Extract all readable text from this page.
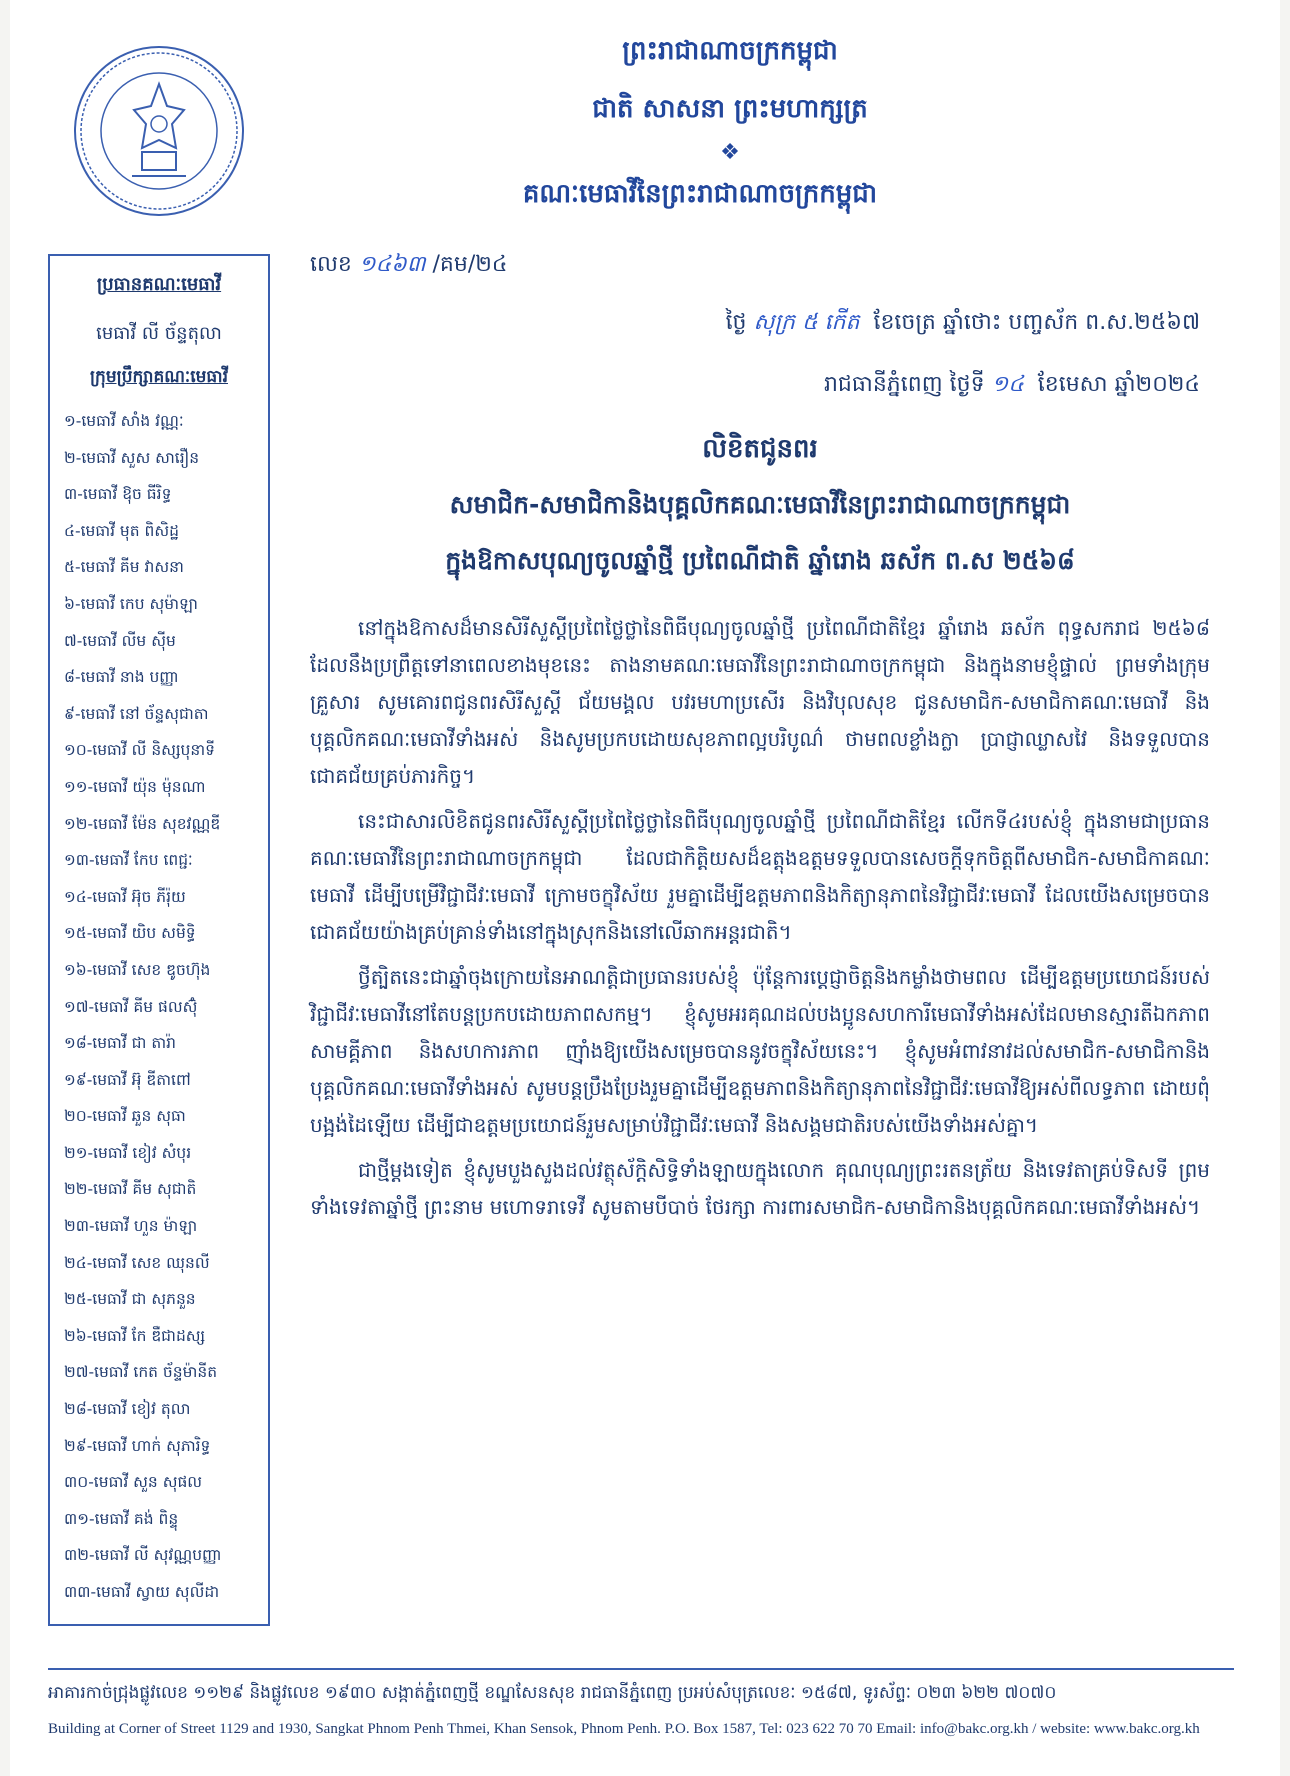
ព្រះរាជាណាចក្រកម្ពុជា
ជាតិ សាសនា ព្រះមហាក្សត្រ
❖
គណៈមេធាវីនៃព្រះរាជាណាចក្រកម្ពុជា
ប្រធានគណៈមេធាវី
មេធាវី លី ច័ន្ទតុលា
ក្រុមប្រឹក្សាគណៈមេធាវី
១-មេធាវី សាំង វណ្ណៈ
២-មេធាវី សួស សារឿន
៣-មេធាវី ឱុច ធីរិទ្ធ
៤-មេធាវី មុត ពិសិដ្ឋ
៥-មេធាវី គីម វាសនា
៦-មេធាវី កេប សុម៉ាឡា
៧-មេធាវី លីម ស៊ីម
៨-មេធាវី នាង បញ្ញា
៩-មេធាវី នៅ ច័ន្ទសុជាតា
១០-មេធាវី លី និស្សបុនាទី
១១-មេធាវី យ៉ុន ម៉ុនណា
១២-មេធាវី ម៉ែន សុខវណ្ណឌី
១៣-មេធាវី កែប ពេជ្ជៈ
១៤-មេធាវី អ៊ុច ភីរ៉ុយ
១៥-មេធាវី យិប សមិទ្ធិ
១៦-មេធាវី សេខ ឌូចហ៊ុង
១៧-មេធាវី គីម ផលស៊ុំ
១៨-មេធាវី ជា តារ៉ា
១៩-មេធាវី អ៊ុ ឌីតាពៅ
២០-មេធាវី ឆួន សុធា
២១-មេធាវី ខៀវ សំបុរ
២២-មេធាវី គីម សុជាតិ
២៣-មេធាវី ហួន ម៉ាឡា
២៤-មេធាវី សេខ ឈុនលី
២៥-មេធាវី ជា សុភនួន
២៦-មេធាវី កែ ឌឺជាដស្ស
២៧-មេធាវី កេត ច័ន្ទម៉ានីត
២៨-មេធាវី ខៀវ តុលា
២៩-មេធាវី ហាក់ សុភារិទ្ធ
៣០-មេធាវី សួន សុផល
៣១-មេធាវី គង់ ពិន្ទុ
៣២-មេធាវី លី សុវណ្ណបញ្ញា
៣៣-មេធាវី ស្វាយ សុលីដា
លេខ ១៤៦៣ /គម/២៤
ថ្ងៃ សុក្រ ៥ កើត ខែចេត្រ ឆ្នាំថោះ បញ្ចស័ក ព.ស.២៥៦៧
រាជធានីភ្នំពេញ ថ្ងៃទី ១៤ ខែមេសា ឆ្នាំ២០២៤
លិខិតជូនពរ
សមាជិក-សមាជិកានិងបុគ្គលិកគណៈមេធាវីនៃព្រះរាជាណាចក្រកម្ពុជា
ក្នុងឱកាសបុណ្យចូលឆ្នាំថ្មី ប្រពៃណីជាតិ ឆ្នាំរោង ឆស័ក ព.ស ២៥៦៨

នៅក្នុងឱកាសដ៏មានសិរីសួស្តីប្រពៃថ្លៃថ្លានៃពិធីបុណ្យចូលឆ្នាំថ្មី ប្រពៃណីជាតិខ្មែរ ឆ្នាំរោង ឆស័ក ពុទ្ធសករាជ ២៥៦៨ ដែលនឹងប្រព្រឹត្តទៅនាពេលខាងមុខនេះ តាងនាមគណៈមេធាវីនៃព្រះរាជាណាចក្រកម្ពុជា និងក្នុងនាមខ្ញុំផ្ទាល់ ព្រមទាំងក្រុមគ្រួសារ សូមគោរពជូនពរសិរីសួស្តី ជ័យមង្គល បវរមហាប្រសើរ និងវិបុលសុខ ជូនសមាជិក-សមាជិកាគណៈមេធាវី និងបុគ្គលិកគណៈមេធាវីទាំងអស់ និងសូមប្រកបដោយសុខភាពល្អបរិបូណ៌ ថាមពលខ្លាំងក្លា ប្រាជ្ញាឈ្លាសវៃ និងទទួលបានជោគជ័យគ្រប់ភារកិច្ច។

នេះជាសារលិខិតជូនពរសិរីសួស្តីប្រពៃថ្លៃថ្លានៃពិធីបុណ្យចូលឆ្នាំថ្មី ប្រពៃណីជាតិខ្មែរ លើកទី៤របស់ខ្ញុំ ក្នុងនាមជាប្រធានគណៈមេធាវីនៃព្រះរាជាណាចក្រកម្ពុជា ដែលជាកិត្តិយសដ៏ឧត្តុងឧត្តមទទួលបានសេចក្តីទុកចិត្តពីសមាជិក-សមាជិកាគណៈមេធាវី ដើម្បីបម្រើវិជ្ជាជីវៈមេធាវី ក្រោមចក្ខុវិស័យ រួមគ្នាដើម្បីឧត្តមភាពនិងកិត្យានុភាពនៃវិជ្ជាជីវៈមេធាវី ដែលយើងសម្រេចបានជោគជ័យយ៉ាងគ្រប់គ្រាន់ទាំងនៅក្នុងស្រុកនិងនៅលើឆាកអន្តរជាតិ។

ថ្វីត្បិតនេះជាឆ្នាំចុងក្រោយនៃអាណត្តិជាប្រធានរបស់ខ្ញុំ ប៉ុន្តែការប្តេជ្ញាចិត្តនិងកម្លាំងថាមពល ដើម្បីឧត្តមប្រយោជន៍របស់វិជ្ជាជីវៈមេធាវីនៅតែបន្តប្រកបដោយភាពសកម្ម។ ខ្ញុំសូមអរគុណដល់បងប្អូនសហការីមេធាវីទាំងអស់ដែលមានស្មារតីឯកភាព សាមគ្គីភាព និងសហការភាព ញ៉ាំងឱ្យយើងសម្រេចបាននូវចក្ខុវិស័យនេះ។ ខ្ញុំសូមអំពាវនាវដល់សមាជិក-សមាជិកានិងបុគ្គលិកគណៈមេធាវីទាំងអស់ សូមបន្តប្រឹងប្រែងរួមគ្នាដើម្បីឧត្តមភាពនិងកិត្យានុភាពនៃវិជ្ជាជីវៈមេធាវីឱ្យអស់ពីលទ្ធភាព ដោយពុំបង្អង់ដៃឡើយ ដើម្បីជាឧត្តមប្រយោជន៍រួមសម្រាប់វិជ្ជាជីវៈមេធាវី និងសង្គមជាតិរបស់យើងទាំងអស់គ្នា។

ជាថ្មីម្តងទៀត ខ្ញុំសូមបួងសួងដល់វត្ថុស័ក្តិសិទ្ធិទាំងឡាយក្នុងលោក គុណបុណ្យព្រះរតនត្រ័យ និងទេវតាគ្រប់ទិសទី ព្រមទាំងទេវតាឆ្នាំថ្មី ព្រះនាម មហោទរាទេវី សូមតាមបីបាច់ ថែរក្សា ការពារសមាជិក-សមាជិកានិងបុគ្គលិកគណៈមេធាវីទាំងអស់។

អាគារកាច់ជ្រុងផ្លូវលេខ ១១២៩ និងផ្លូវលេខ ១៩៣០ សង្កាត់ភ្នំពេញថ្មី ខណ្ឌសែនសុខ រាជធានីភ្នំពេញ ប្រអប់សំបុត្រលេខៈ ១៥៨៧, ទូរស័ព្ទៈ ០២៣ ៦២២ ៧០៧០
Building at Corner of Street 1129 and 1930, Sangkat Phnom Penh Thmei, Khan Sensok, Phnom Penh. P.O. Box 1587, Tel: 023 622 70 70 Email: info@bakc.org.kh / website: www.bakc.org.kh
